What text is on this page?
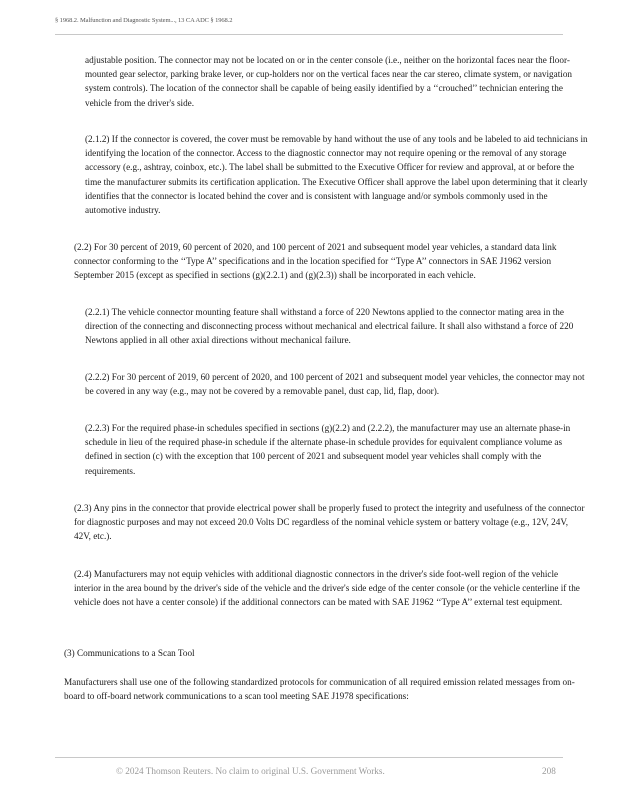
§ 1968.2. Malfunction and Diagnostic System..., 13 CA ADC § 1968.2

adjustable position. The connector may not be located on or in the center console (i.e., neither on the horizontal faces near the floor-mounted gear selector, parking brake lever, or cup-holders nor on the vertical faces near the car stereo, climate system, or navigation system controls). The location of the connector shall be capable of being easily identified by a ‘‘crouched’’ technician entering the vehicle from the driver's side.

(2.1.2) If the connector is covered, the cover must be removable by hand without the use of any tools and be labeled to aid technicians in identifying the location of the connector. Access to the diagnostic connector may not require opening or the removal of any storage accessory (e.g., ashtray, coinbox, etc.). The label shall be submitted to the Executive Officer for review and approval, at or before the time the manufacturer submits its certification application. The Executive Officer shall approve the label upon determining that it clearly identifies that the connector is located behind the cover and is consistent with language and/or symbols commonly used in the automotive industry.

(2.2) For 30 percent of 2019, 60 percent of 2020, and 100 percent of 2021 and subsequent model year vehicles, a standard data link connector conforming to the ‘‘Type A’’ specifications and in the location specified for ‘‘Type A’’ connectors in SAE J1962 version September 2015 (except as specified in sections (g)(2.2.1) and (g)(2.3)) shall be incorporated in each vehicle.

(2.2.1) The vehicle connector mounting feature shall withstand a force of 220 Newtons applied to the connector mating area in the direction of the connecting and disconnecting process without mechanical and electrical failure. It shall also withstand a force of 220 Newtons applied in all other axial directions without mechanical failure.

(2.2.2) For 30 percent of 2019, 60 percent of 2020, and 100 percent of 2021 and subsequent model year vehicles, the connector may not be covered in any way (e.g., may not be covered by a removable panel, dust cap, lid, flap, door).

(2.2.3) For the required phase-in schedules specified in sections (g)(2.2) and (2.2.2), the manufacturer may use an alternate phase-in schedule in lieu of the required phase-in schedule if the alternate phase-in schedule provides for equivalent compliance volume as defined in section (c) with the exception that 100 percent of 2021 and subsequent model year vehicles shall comply with the requirements.

(2.3) Any pins in the connector that provide electrical power shall be properly fused to protect the integrity and usefulness of the connector for diagnostic purposes and may not exceed 20.0 Volts DC regardless of the nominal vehicle system or battery voltage (e.g., 12V, 24V, 42V, etc.).

(2.4) Manufacturers may not equip vehicles with additional diagnostic connectors in the driver's side foot-well region of the vehicle interior in the area bound by the driver's side of the vehicle and the driver's side edge of the center console (or the vehicle centerline if the vehicle does not have a center console) if the additional connectors can be mated with SAE J1962 ‘‘Type A’’ external test equipment.

(3) Communications to a Scan Tool

Manufacturers shall use one of the following standardized protocols for communication of all required emission related messages from on-board to off-board network communications to a scan tool meeting SAE J1978 specifications:

© 2024 Thomson Reuters. No claim to original U.S. Government Works.	208
